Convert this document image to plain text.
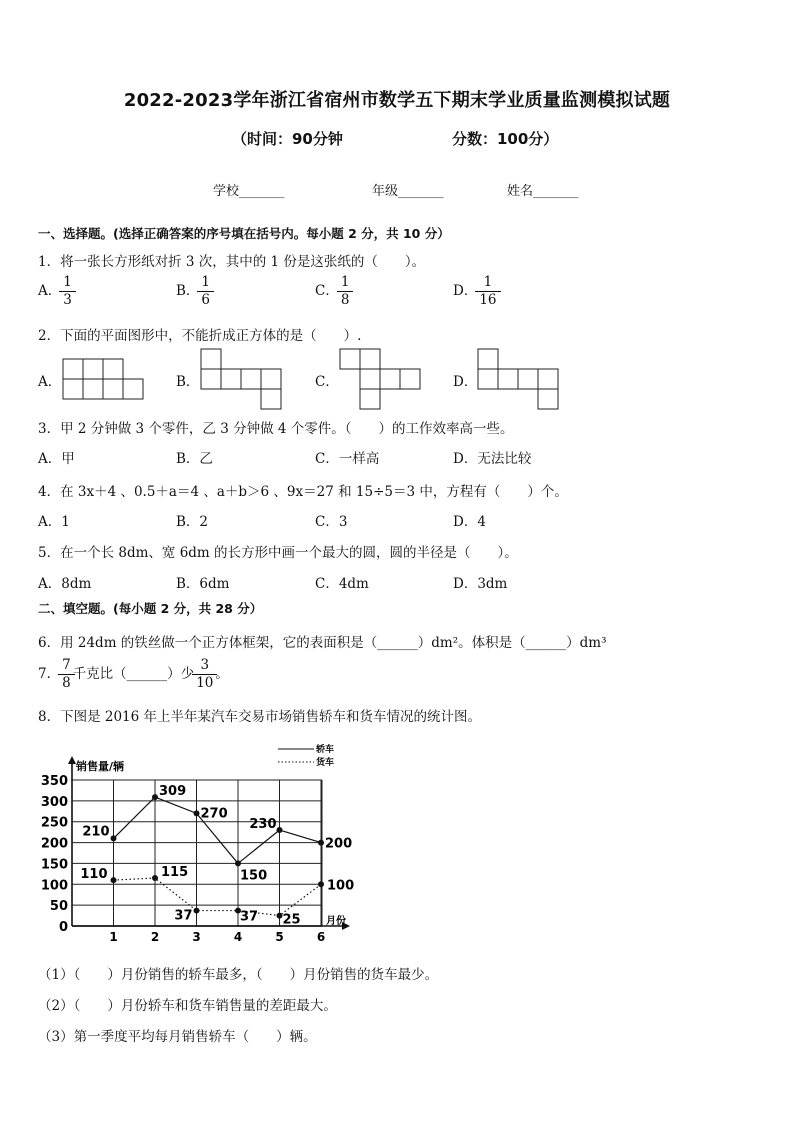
2022-2023学年浙江省宿州市数学五下期末学业质量监测模拟试题
（时间：90分钟	分数：100分）
学校_______	年级_______	姓名_______
一、选择题。(选择正确答案的序号填在括号内。每小题 2 分，共 10 分）
1．将一张长方形纸对折 3 次，其中的 1 份是这张纸的（　　）。
A． $\frac{1}{3}$	B． $\frac{1}{6}$	C． $\frac{1}{8}$	D． $\frac{1}{16}$
2．下面的平面图形中，不能折成正方体的是（　　）.
A．	B．	C．	D．
3．甲 2 分钟做 3 个零件，乙 3 分钟做 4 个零件。（　　）的工作效率高一些。
A．甲	B．乙	C．一样高	D．无法比较
4．在 3x＋4 、0.5＋a＝4 、a＋b＞6 、9x＝27 和 15÷5＝3 中，方程有（　　）个。
A．1	B．2	C．3	D．4
5．在一个长 8dm、宽 6dm 的长方形中画一个最大的圆，圆的半径是（　　）。
A．8dm	B．6dm	C．4dm	D．3dm
二、填空题。(每小题 2 分，共 28 分）
6．用 24dm 的铁丝做一个正方体框架，它的表面积是（______）dm²。体积是（______）dm³
7． $\frac{7}{8}$ 千克比（______）少 $\frac{3}{10}$ 。
8．下图是 2016 年上半年某汽车交易市场销售轿车和货车情况的统计图。
0
50
100
150
200
250
300
350
销售量/辆
月份
1	2	3	4	5	6
轿车
货车
210
309
270
150
230
200
110	115
37	37 25
100
（1）（　　）月份销售的轿车最多，（　　）月份销售的货车最少。
（2）（　　）月份轿车和货车销售量的差距最大。
（3）第一季度平均每月销售轿车（　　）辆。
